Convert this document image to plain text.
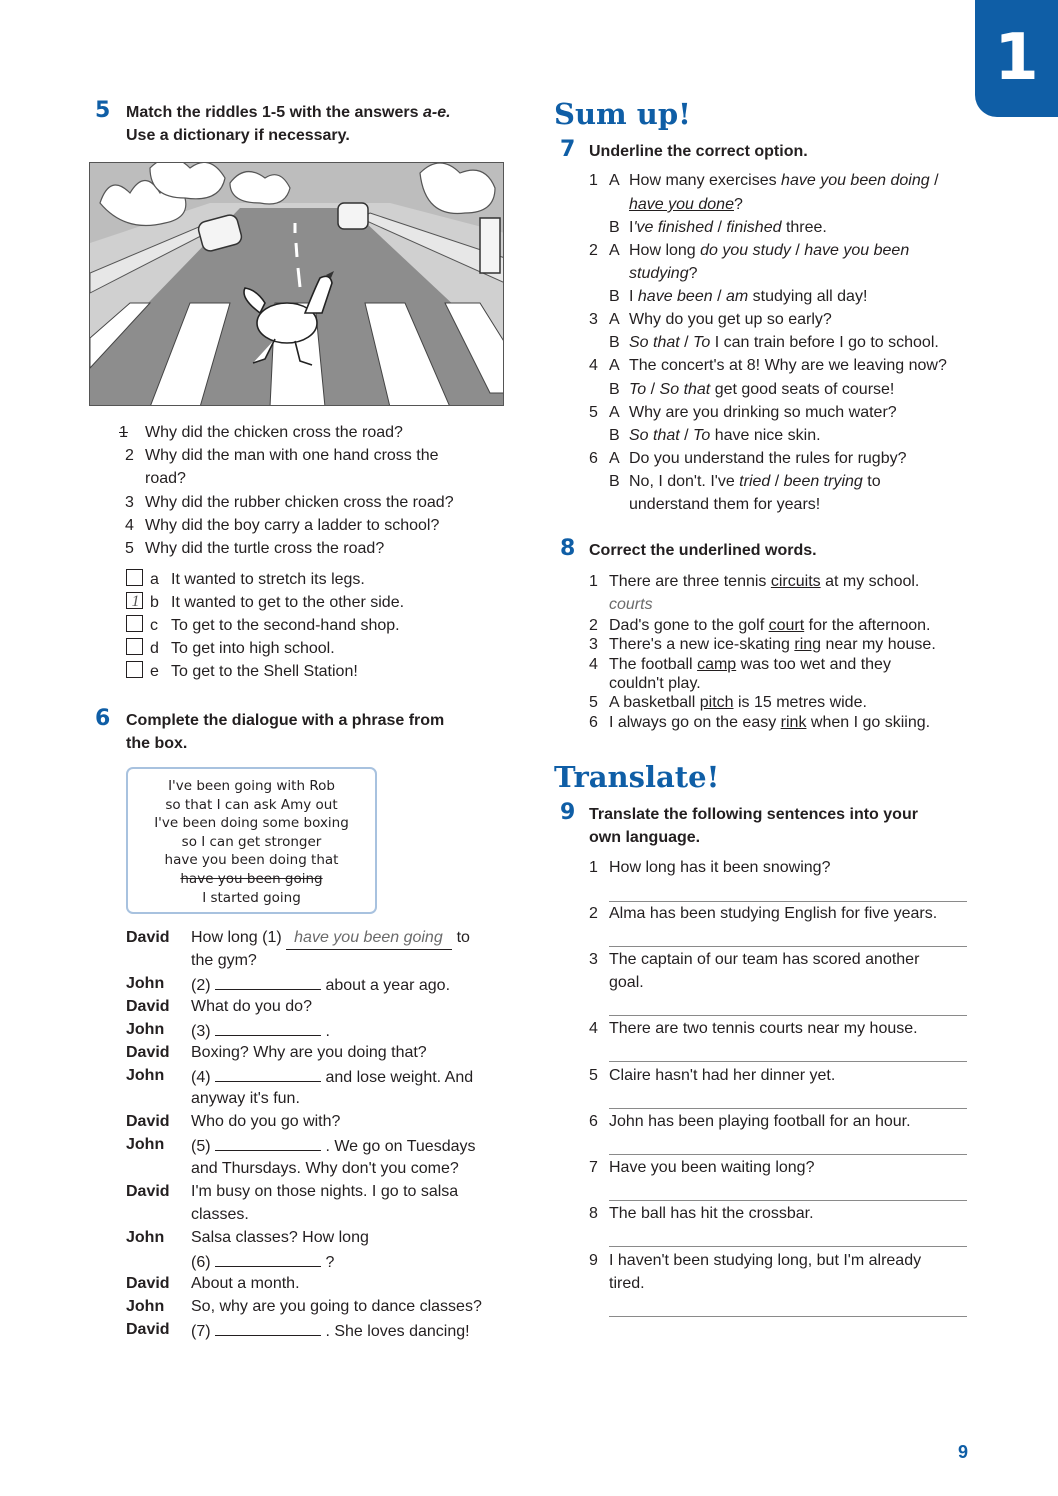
1
9
5 Match the riddles 1-5 with the answers a-e.
Use a dictionary if necessary.
1 Why did the chicken cross the road?
2 Why did the man with one hand cross the
road?
3 Why did the rubber chicken cross the road?
4 Why did the boy carry a ladder to school?
5 Why did the turtle cross the road?
a It wanted to stretch its legs.
1 b It wanted to get to the other side.
c To get to the second-hand shop.
d To get into high school.
e To get to the Shell Station!
6 Complete the dialogue with a phrase from
the box.
I've been going with Rob
so that I can ask Amy out
I've been doing some boxing
so I can get stronger
have you been doing that
have you been going
I started going
David How long (1) have you been going to
the gym?
John (2)	about a year ago.
David What do you do?
John (3)	.
David Boxing? Why are you doing that?
John (4)	and lose weight. And
anyway it's fun.
David Who do you go with?
John (5)	. We go on Tuesdays
and Thursdays. Why don't you come?
David I'm busy on those nights. I go to salsa
classes.
John Salsa classes? How long
(6)	?
David About a month.
John So, why are you going to dance classes?
David (7)	. She loves dancing!
Sum up!
7 Underline the correct option.
1 A How many exercises have you been doing /
have you done?
B I've finished / finished three.
2 A How long do you study / have you been
studying?
B I have been / am studying all day!
3 A Why do you get up so early?
B So that / To I can train before I go to school.
4 A The concert's at 8! Why are we leaving now?
B To / So that get good seats of course!
5 A Why are you drinking so much water?
B So that / To have nice skin.
6 A Do you understand the rules for rugby?
B No, I don't. I've tried / been trying to
understand them for years!
8 Correct the underlined words.
1 There are three tennis circuits at my school.
courts
2 Dad's gone to the golf court for the afternoon.
3 There's a new ice-skating ring near my house.
4 The football camp was too wet and they
couldn't play.
5 A basketball pitch is 15 metres wide.
6 I always go on the easy rink when I go skiing.
Translate!
9 Translate the following sentences into your
own language.
1 How long has it been snowing?
2 Alma has been studying English for five years.
3 The captain of our team has scored another
goal.
4 There are two tennis courts near my house.
5 Claire hasn't had her dinner yet.
6 John has been playing football for an hour.
7 Have you been waiting long?
8 The ball has hit the crossbar.
9 I haven't been studying long, but I'm already
tired.
